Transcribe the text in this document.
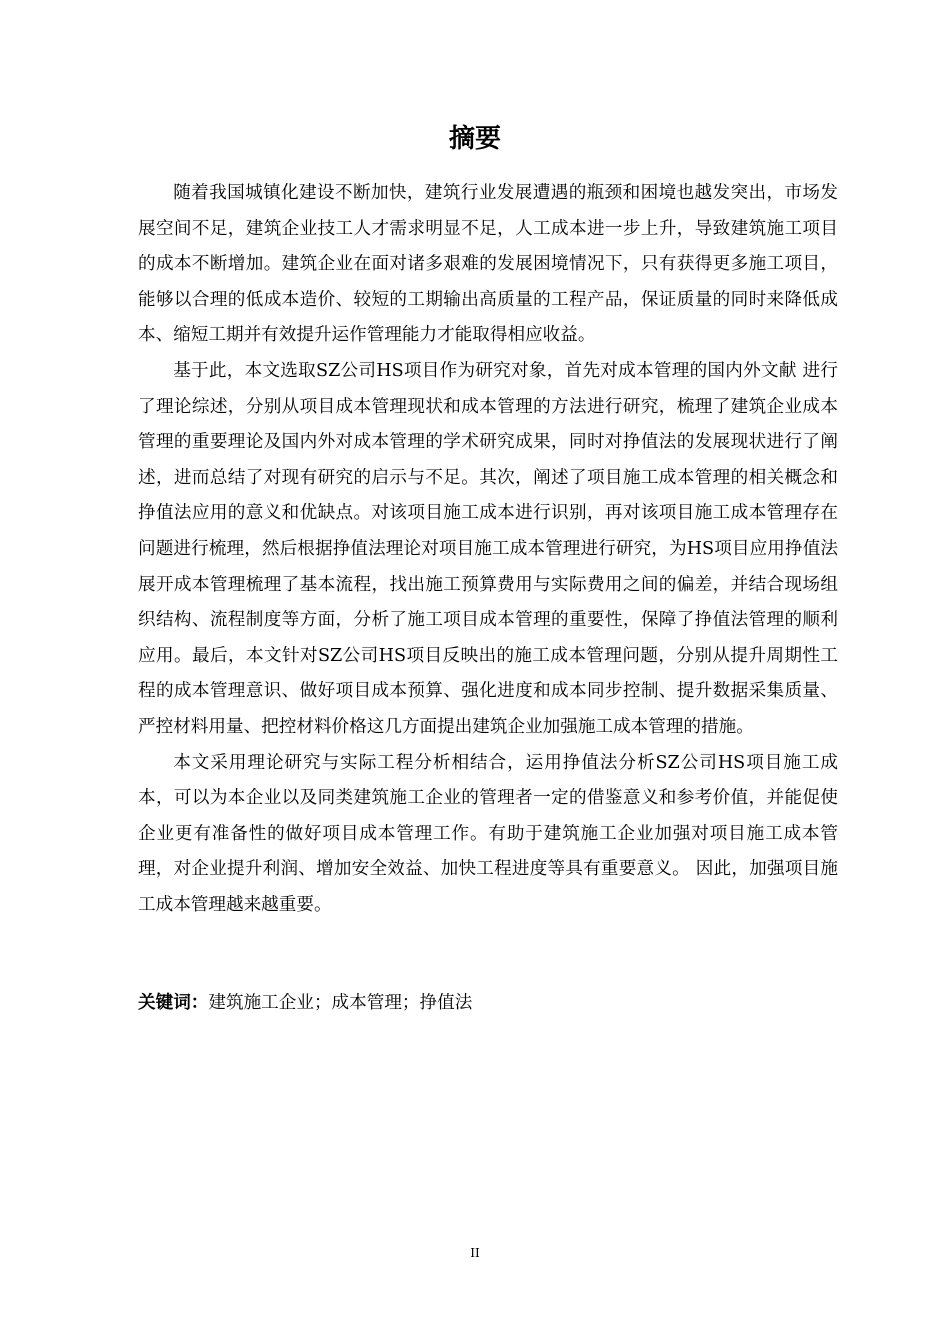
摘要

随着我国城镇化建设不断加快，建筑行业发展遭遇的瓶颈和困境也越发突出，市场发展空间不足，建筑企业技工人才需求明显不足，人工成本进一步上升，导致建筑施工项目的成本不断增加。建筑企业在面对诸多艰难的发展困境情况下，只有获得更多施工项目，能够以合理的低成本造价、较短的工期输出高质量的工程产品，保证质量的同时来降低成本、缩短工期并有效提升运作管理能力才能取得相应收益。

基于此，本文选取SZ公司HS项目作为研究对象，首先对成本管理的国内外文献 进行了理论综述，分别从项目成本管理现状和成本管理的方法进行研究，梳理了建筑企业成本管理的重要理论及国内外对成本管理的学术研究成果，同时对挣值法的发展现状进行了阐述，进而总结了对现有研究的启示与不足。其次，阐述了项目施工成本管理的相关概念和挣值法应用的意义和优缺点。对该项目施工成本进行识别，再对该项目施工成本管理存在问题进行梳理，然后根据挣值法理论对项目施工成本管理进行研究，为HS项目应用挣值法展开成本管理梳理了基本流程，找出施工预算费用与实际费用之间的偏差，并结合现场组织结构、流程制度等方面，分析了施工项目成本管理的重要性，保障了挣值法管理的顺利应用。最后，本文针对SZ公司HS项目反映出的施工成本管理问题，分别从提升周期性工程的成本管理意识、做好项目成本预算、强化进度和成本同步控制、提升数据采集质量、严控材料用量、把控材料价格这几方面提出建筑企业加强施工成本管理的措施。

本文采用理论研究与实际工程分析相结合，运用挣值法分析SZ公司HS项目施工成本，可以为本企业以及同类建筑施工企业的管理者一定的借鉴意义和参考价值，并能促使企业更有准备性的做好项目成本管理工作。有助于建筑施工企业加强对项目施工成本管理，对企业提升利润、增加安全效益、加快工程进度等具有重要意义。 因此，加强项目施工成本管理越来越重要。

关键词：建筑施工企业；成本管理；挣值法

II
